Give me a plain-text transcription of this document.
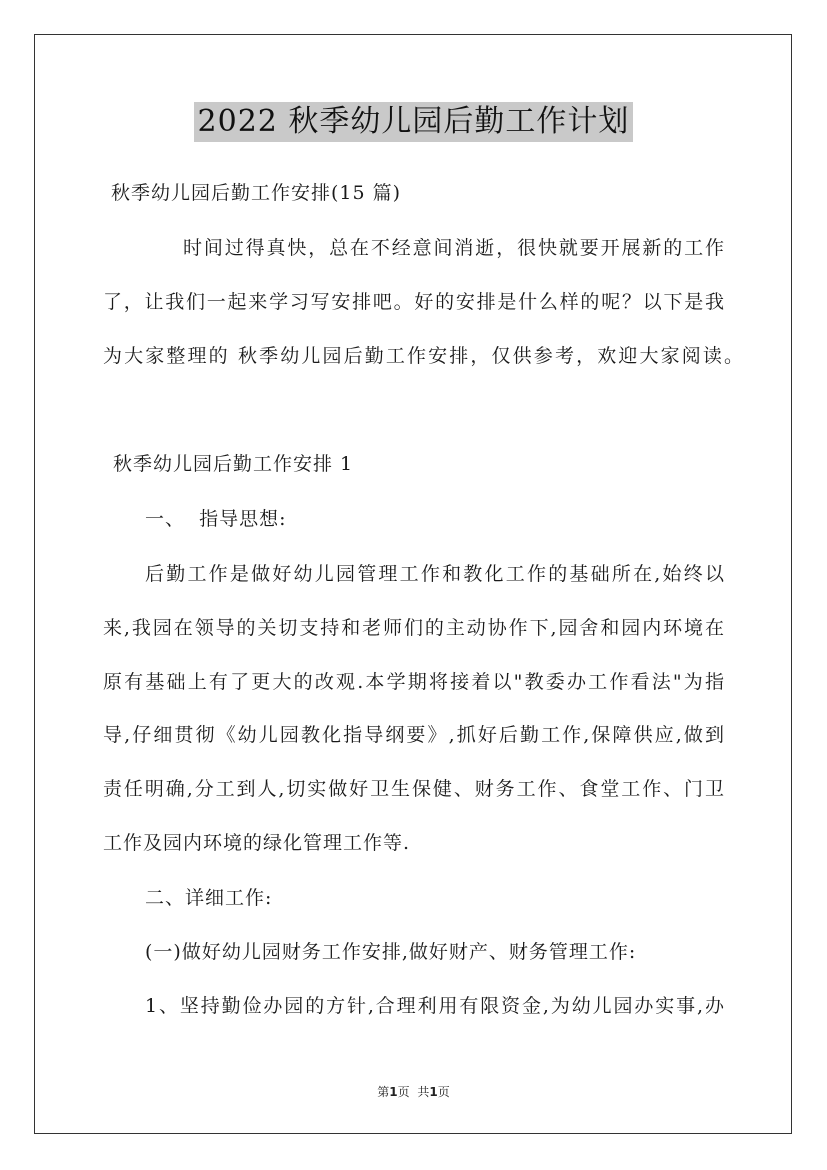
2022 秋季幼儿园后勤工作计划
秋季幼儿园后勤工作安排(15 篇)
时间过得真快，总在不经意间消逝，很快就要开展新的工作
了，让我们一起来学习写安排吧。好的安排是什么样的呢？以下是我
为大家整理的 秋季幼儿园后勤工作安排，仅供参考，欢迎大家阅读。
秋季幼儿园后勤工作安排 1
一、  指导思想:
后勤工作是做好幼儿园管理工作和教化工作的基础所在,始终以
来,我园在领导的关切支持和老师们的主动协作下,园舍和园内环境在
原有基础上有了更大的改观.本学期将接着以"教委办工作看法"为指
导,仔细贯彻《幼儿园教化指导纲要》,抓好后勤工作,保障供应,做到
责任明确,分工到人,切实做好卫生保健、财务工作、食堂工作、门卫
工作及园内环境的绿化管理工作等.
二、详细工作:
(一)做好幼儿园财务工作安排,做好财产、财务管理工作:
1、坚持勤俭办园的方针,合理利用有限资金,为幼儿园办实事,办
第1页 共1页
